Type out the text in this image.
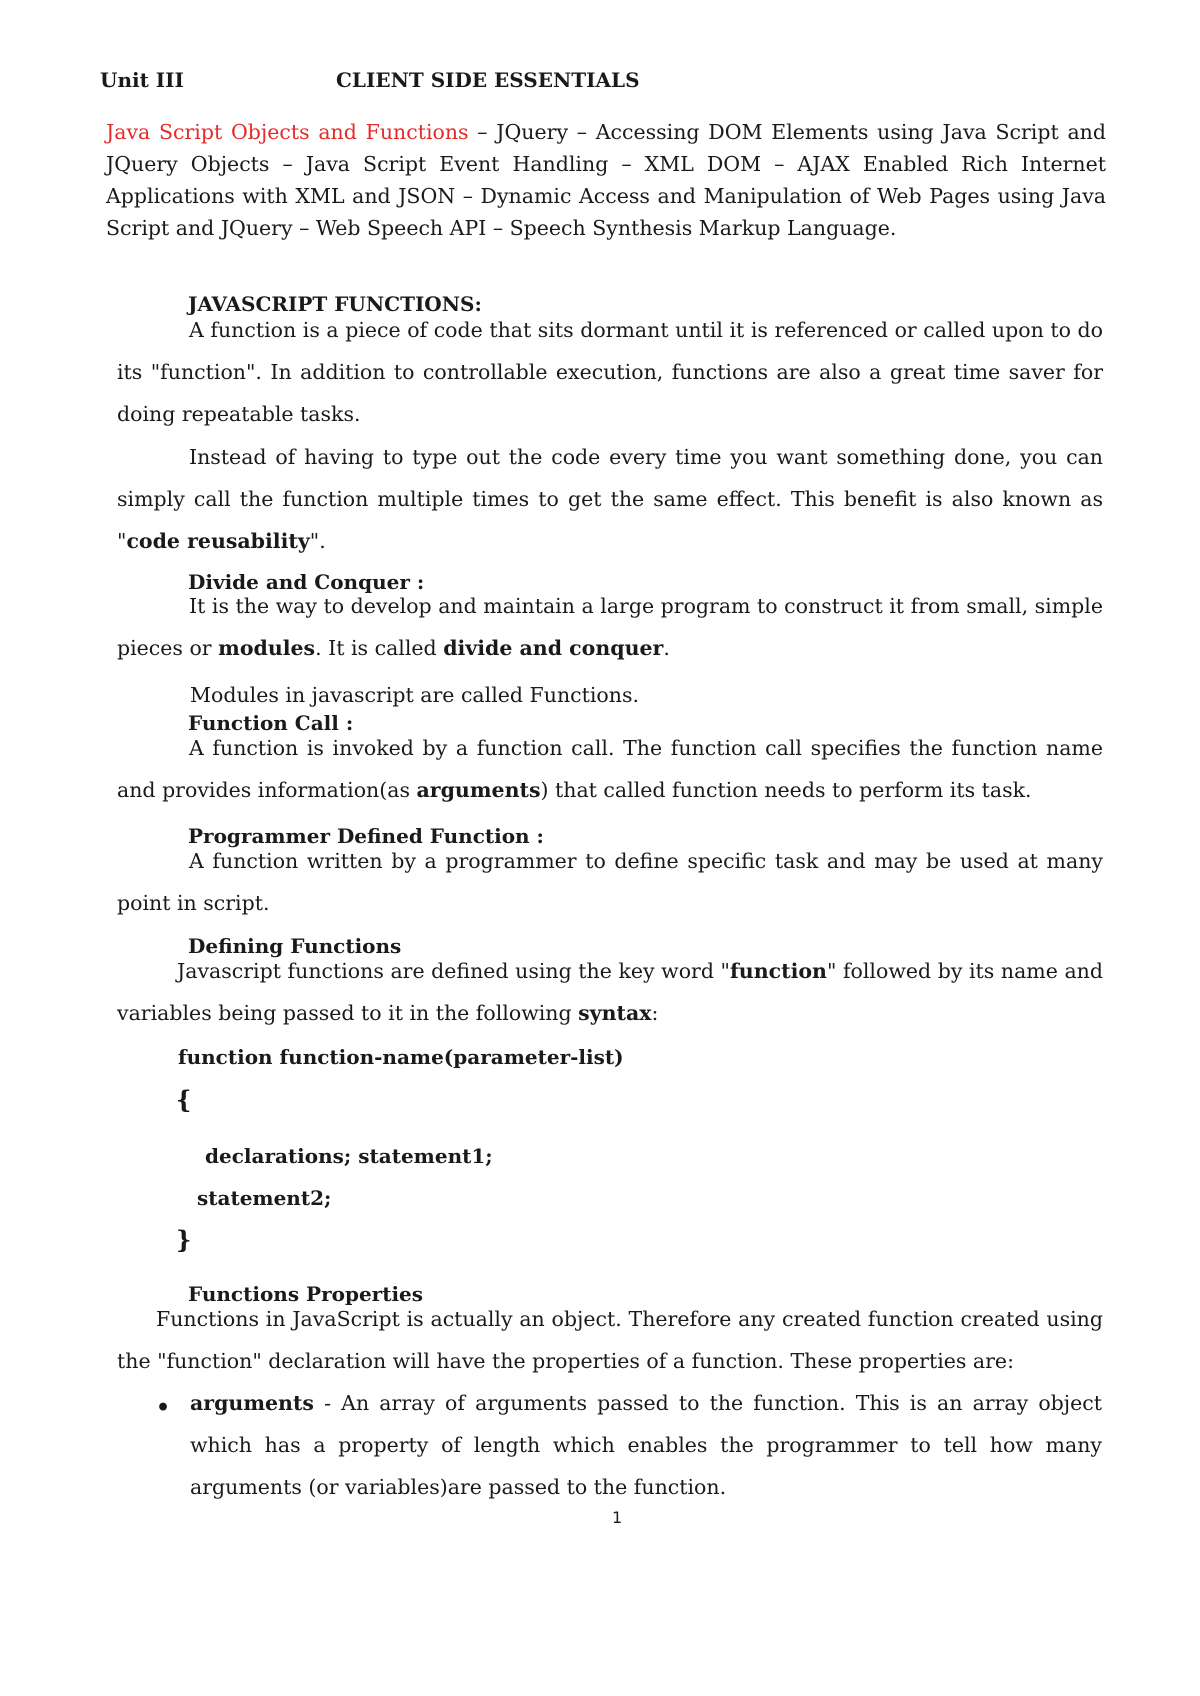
Unit III	CLIENT SIDE ESSENTIALS
Java Script Objects and Functions – JQuery – Accessing DOM Elements using Java Script and JQuery Objects – Java Script Event Handling – XML DOM – AJAX Enabled Rich Internet Applications with XML and JSON – Dynamic Access and Manipulation of Web Pages using Java Script and JQuery – Web Speech API – Speech Synthesis Markup Language.
JAVASCRIPT FUNCTIONS:
A function is a piece of code that sits dormant until it is referenced or called upon to do its "function". In addition to controllable execution, functions are also a great time saver for doing repeatable tasks.
Instead of having to type out the code every time you want something done, you can simply call the function multiple times to get the same effect. This benefit is also known as "code reusability".
Divide and Conquer :
It is the way to develop and maintain a large program to construct it from small, simple pieces or modules. It is called divide and conquer.
Modules in javascript are called Functions.
Function Call :
A function is invoked by a function call. The function call specifies the function name and provides information(as arguments) that called function needs to perform its task.
Programmer Defined Function :
A function written by a programmer to define specific task and may be used at many point in script.
Defining Functions
Javascript functions are defined using the key word "function" followed by its name and variables being passed to it in the following syntax:
function function-name(parameter-list)
{
declarations; statement1;
statement2;
}
Functions Properties
Functions in JavaScript is actually an object. Therefore any created function created using the "function" declaration will have the properties of a function. These properties are:
• arguments - An array of arguments passed to the function. This is an array object which has a property of length which enables the programmer to tell how many arguments (or variables)are passed to the function.
1
